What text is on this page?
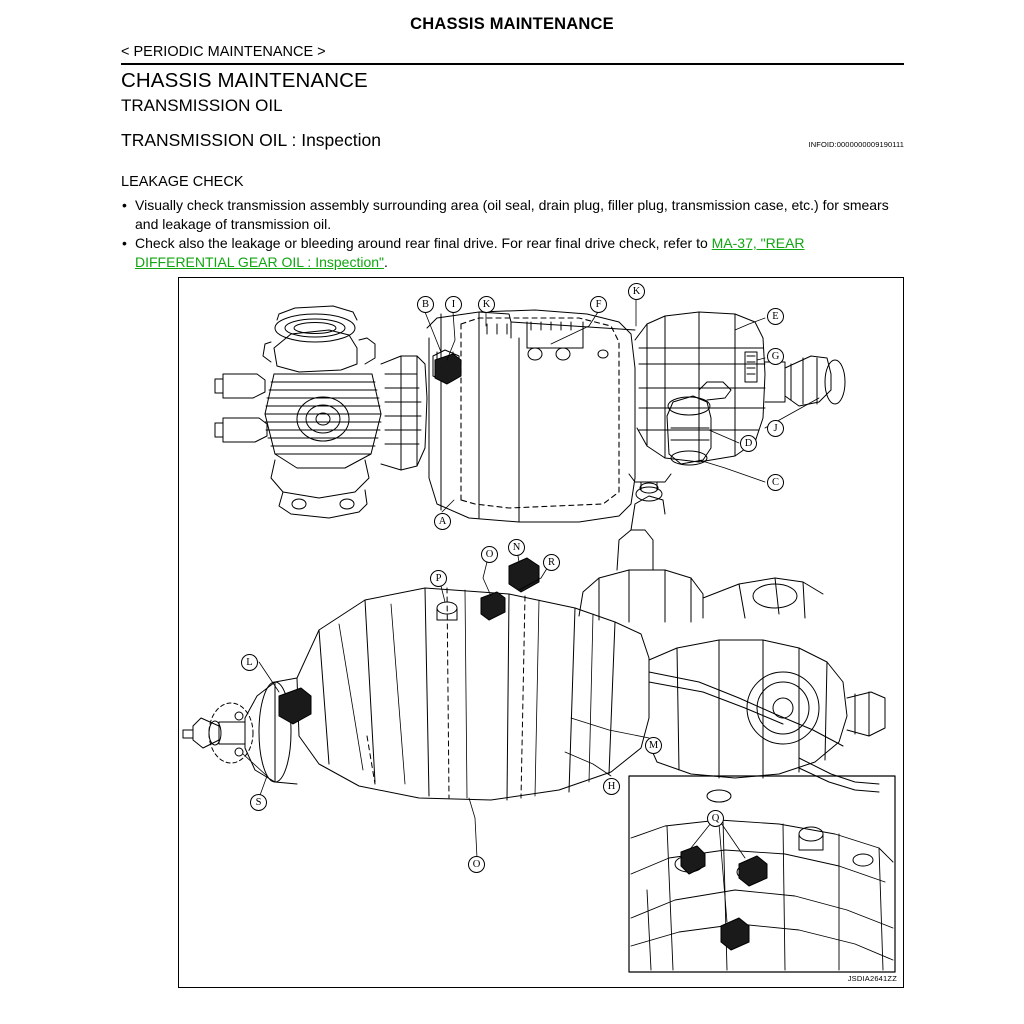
CHASSIS MAINTENANCE
< PERIODIC MAINTENANCE >
CHASSIS MAINTENANCE
TRANSMISSION OIL
TRANSMISSION OIL : Inspection	INFOID:0000000009190111
LEAKAGE CHECK
• Visually check transmission assembly surrounding area (oil seal, drain plug, filler plug, transmission case, etc.) for smears and leakage of transmission oil.
• Check also the leakage or bleeding around rear final drive. For rear final drive check, refer to MA-37, "REAR DIFFERENTIAL GEAR OIL : Inspection".
B	I	K	F
K
E
G
J
D
C
A
R
N
O
P
L
M
S
H
O
Q
JSDIA2641ZZ
